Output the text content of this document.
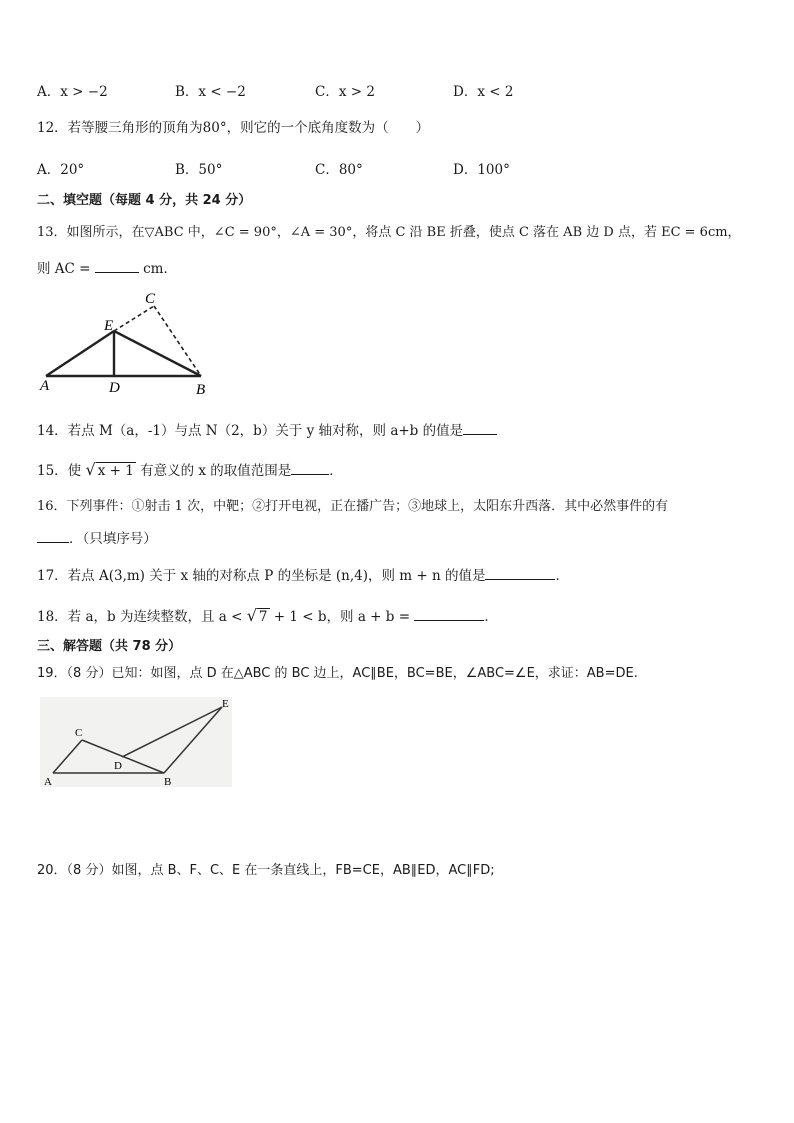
A．x > −2	B．x < −2	C．x > 2	D．x < 2
12．若等腰三角形的顶角为80°，则它的一个底角度数为（　　）
A．20°	B．50°	C．80°	D．100°
二、填空题（每题 4 分，共 24 分）
13．如图所示，在▽ABC 中，∠C = 90°，∠A = 30°，将点 C 沿 BE 折叠，使点 C 落在 AB 边 D 点，若 EC = 6cm，
则 AC =	cm．
A	D	B
E
C
14．若点 M（a，-1）与点 N（2，b）关于 y 轴对称，则 a+b 的值是
15．使 √ x + 1 有意义的 x 的取值范围是	．
16．下列事件：①射击 1 次，中靶；②打开电视，正在播广告；③地球上，太阳东升西落．其中必然事件的有
．（只填序号）
17．若点 A(3,m) 关于 x 轴的对称点 P 的坐标是 (n,4)，则 m + n 的值是	．
18．若 a，b 为连续整数，且 a < √ 7 + 1 < b，则 a + b =	．
三、解答题（共 78 分）
19．（8 分）已知：如图，点 D 在△ABC 的 BC 边上，AC∥BE，BC=BE，∠ABC=∠E，求证：AB=DE.
A	B
C
D
E
20．（8 分）如图，点 B、F、C、E 在一条直线上，FB=CE，AB∥ED，AC∥FD;
